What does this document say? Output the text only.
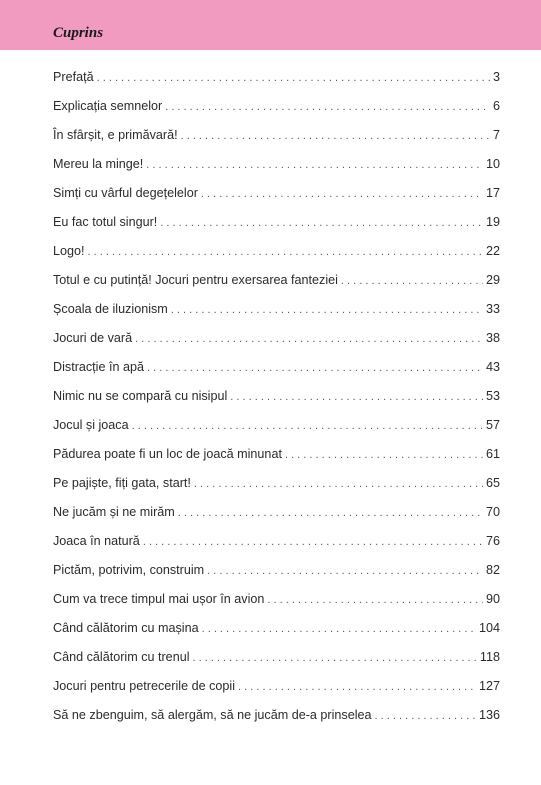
Cuprins
Prefață . . .	3
Explicația semnelor . . .	6
În sfârșit, e primăvară! . . .	7
Mereu la minge! . . .	10
Simți cu vârful degețelelor . . .	17
Eu fac totul singur! . . .	19
Logo! . . .	22
Totul e cu putință! Jocuri pentru exersarea fanteziei . . .	29
Școala de iluzionism . . .	33
Jocuri de vară . . .	38
Distracție în apă . . .	43
Nimic nu se compară cu nisipul . . .	53
Jocul și joaca . . .	57
Pădurea poate fi un loc de joacă minunat . . .	61
Pe pajiște, fiți gata, start! . . .	65
Ne jucăm și ne mirăm . . .	70
Joaca în natură . . .	76
Pictăm, potrivim, construim . . .	82
Cum va trece timpul mai ușor în avion . . .	90
Când călătorim cu mașina . . .	104
Când călătorim cu trenul . . .	118
Jocuri pentru petrecerile de copii . . .	127
Să ne zbenguim, să alergăm, să ne jucăm de-a prinselea . . .	136
